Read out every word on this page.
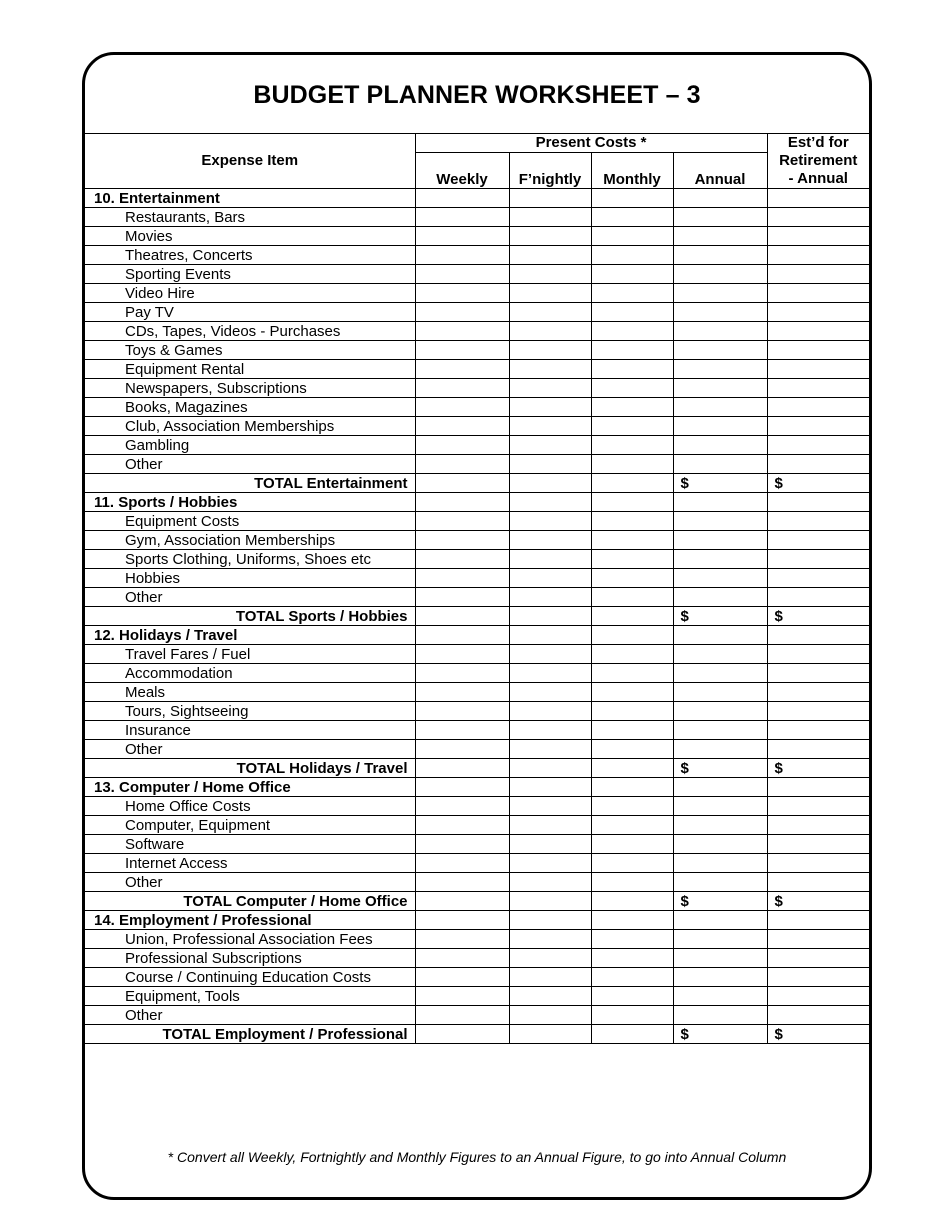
BUDGET PLANNER WORKSHEET – 3
Expense Item	Present Costs *				Est’d for
Retirement
- Annual

	Weekly	F’nightly	Monthly	Annual	
10. Entertainment					
Restaurants, Bars					
Movies					
Theatres, Concerts					
Sporting Events					
Video Hire					
Pay TV					
CDs, Tapes, Videos - Purchases					
Toys & Games					
Equipment Rental					
Newspapers, Subscriptions					
Books, Magazines					
Club, Association Memberships					
Gambling					
Other					
TOTAL Entertainment				$	$
11. Sports / Hobbies					
Equipment Costs					
Gym, Association Memberships					
Sports Clothing, Uniforms, Shoes etc					
Hobbies					
Other					
TOTAL Sports / Hobbies				$	$
12. Holidays / Travel					
Travel Fares / Fuel					
Accommodation					
Meals					
Tours, Sightseeing					
Insurance					
Other					
TOTAL Holidays / Travel				$	$
13. Computer / Home Office					
Home Office Costs					
Computer, Equipment					
Software					
Internet Access					
Other					
TOTAL Computer / Home Office				$	$
14. Employment / Professional					
Union, Professional Association Fees					
Professional Subscriptions					
Course / Continuing Education Costs					
Equipment, Tools					
Other					
TOTAL Employment / Professional				$	$
* Convert all Weekly, Fortnightly and Monthly Figures to an Annual Figure, to go into Annual Column
